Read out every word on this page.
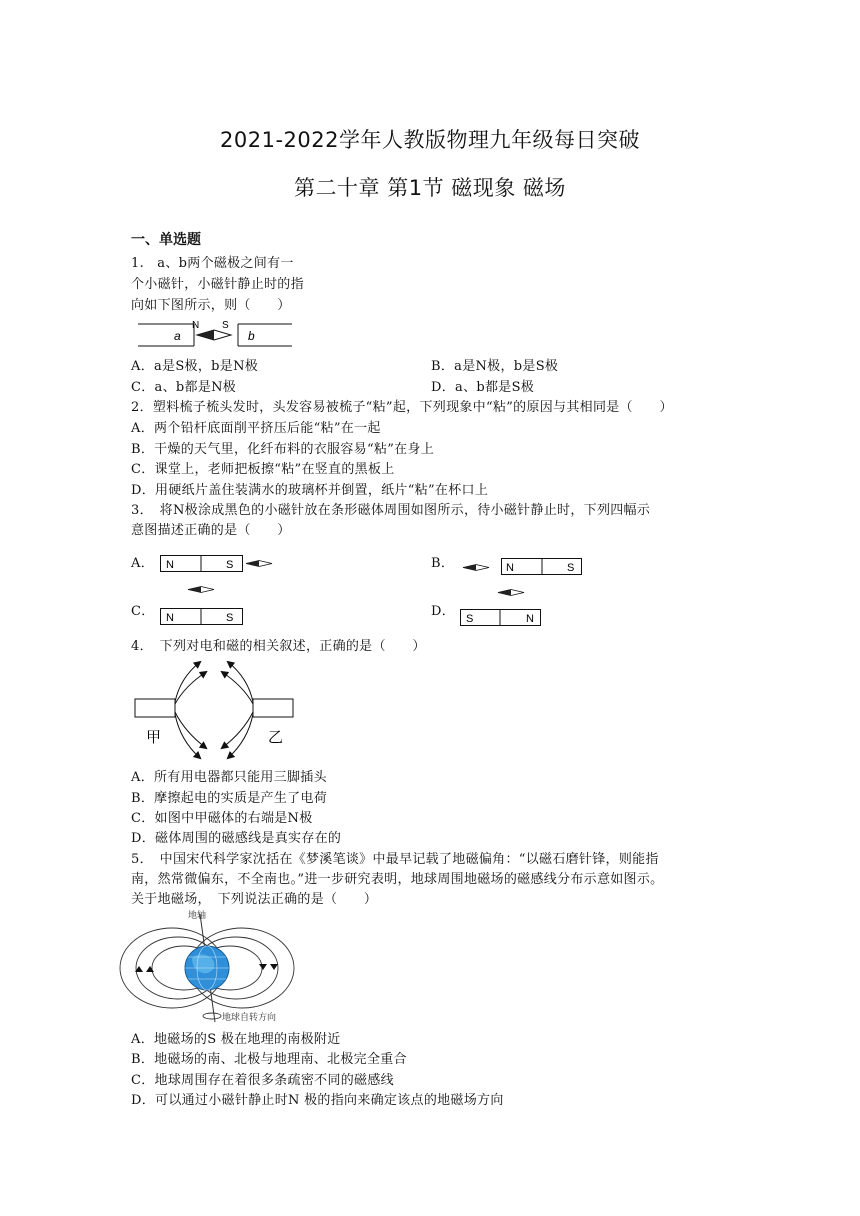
2021-2022学年人教版物理九年级每日突破
第二十章 第1节 磁现象 磁场
一、单选题
1.　a、b两个磁极之间有一
个小磁针，小磁针静止时的指
向如下图所示，则（　　）
a
N S
b
A．a是S极，b是N极	B．a是N极，b是S极
C．a、b都是N极	D．a、b都是S极
2．塑料梳子梳头发时，头发容易被梳子“粘”起，下列现象中“粘”的原因与其相同是（　　）
A．两个铅杆底面削平挤压后能“粘”在一起
B．干燥的天气里，化纤布料的衣服容易“粘”在身上
C．课堂上，老师把板擦“粘”在竖直的黑板上
D．用硬纸片盖住装满水的玻璃杯并倒置，纸片“粘”在杯口上
3．　将N极涂成黑色的小磁针放在条形磁体周围如图所示，待小磁针静止时，下列四幅示
意图描述正确的是（　　）
A． N	S
C． N	S
B．	N	S
D． S	N
4．　下列对电和磁的相关叙述，正确的是（　　）
甲	乙
A．所有用电器都只能用三脚插头
B．摩擦起电的实质是产生了电荷
C．如图中甲磁体的右端是N极
D．磁体周围的磁感线是真实存在的
5．　中国宋代科学家沈括在《梦溪笔谈》中最早记载了地磁偏角：“以磁石磨针锋，则能指
南，然常微偏东，不全南也。”进一步研究表明，地球周围地磁场的磁感线分布示意如图示。
关于地磁场，　下列说法正确的是（　　）
地轴
地球自转方向
A．地磁场的S 极在地理的南极附近
B．地磁场的南、北极与地理南、北极完全重合
C．地球周围存在着很多条疏密不同的磁感线
D．可以通过小磁针静止时N 极的指向来确定该点的地磁场方向
